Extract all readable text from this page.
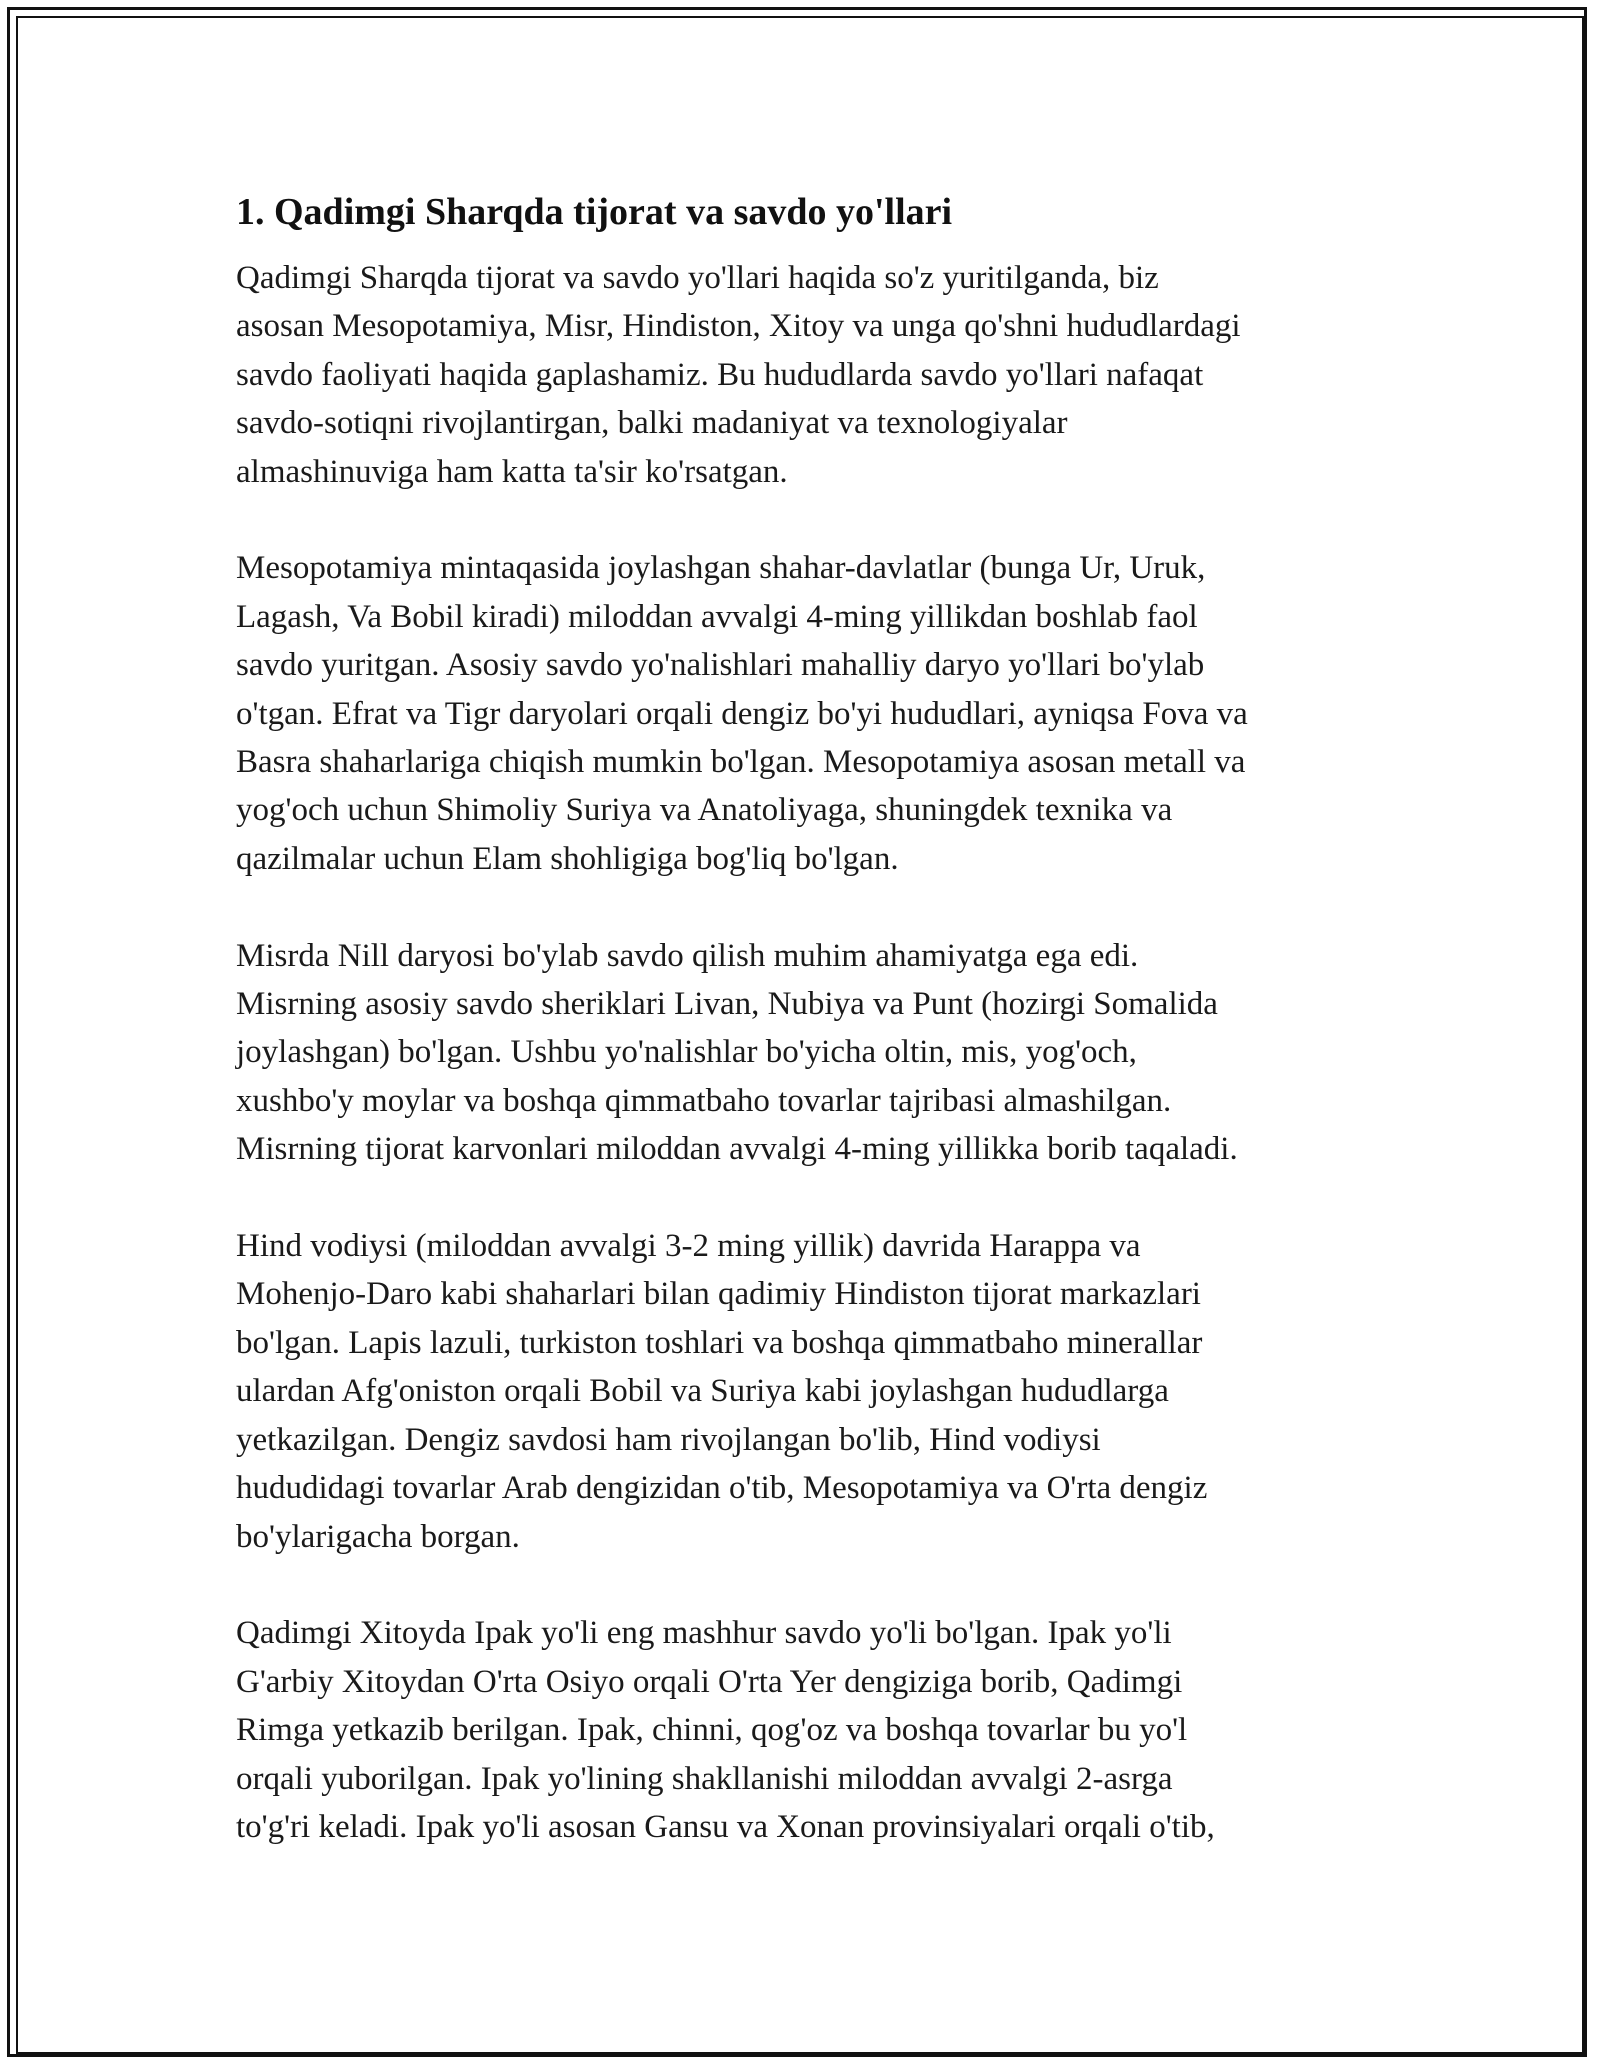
1. Qadimgi Sharqda tijorat va savdo yo'llari

Qadimgi Sharqda tijorat va savdo yo'llari haqida so'z yuritilganda, biz
asosan Mesopotamiya, Misr, Hindiston, Xitoy va unga qo'shni hududlardagi
savdo faoliyati haqida gaplashamiz. Bu hududlarda savdo yo'llari nafaqat
savdo-sotiqni rivojlantirgan, balki madaniyat va texnologiyalar
almashinuviga ham katta ta'sir ko'rsatgan.

Mesopotamiya mintaqasida joylashgan shahar-davlatlar (bunga Ur, Uruk,
Lagash, Va Bobil kiradi) miloddan avvalgi 4-ming yillikdan boshlab faol
savdo yuritgan. Asosiy savdo yo'nalishlari mahalliy daryo yo'llari bo'ylab
o'tgan. Efrat va Tigr daryolari orqali dengiz bo'yi hududlari, ayniqsa Fova va
Basra shaharlariga chiqish mumkin bo'lgan. Mesopotamiya asosan metall va
yog'och uchun Shimoliy Suriya va Anatoliyaga, shuningdek texnika va
qazilmalar uchun Elam shohligiga bog'liq bo'lgan.

Misrda Nill daryosi bo'ylab savdo qilish muhim ahamiyatga ega edi.
Misrning asosiy savdo sheriklari Livan, Nubiya va Punt (hozirgi Somalida
joylashgan) bo'lgan. Ushbu yo'nalishlar bo'yicha oltin, mis, yog'och,
xushbo'y moylar va boshqa qimmatbaho tovarlar tajribasi almashilgan.
Misrning tijorat karvonlari miloddan avvalgi 4-ming yillikka borib taqaladi.

Hind vodiysi (miloddan avvalgi 3-2 ming yillik) davrida Harappa va
Mohenjo-Daro kabi shaharlari bilan qadimiy Hindiston tijorat markazlari
bo'lgan. Lapis lazuli, turkiston toshlari va boshqa qimmatbaho minerallar
ulardan Afg'oniston orqali Bobil va Suriya kabi joylashgan hududlarga
yetkazilgan. Dengiz savdosi ham rivojlangan bo'lib, Hind vodiysi
hududidagi tovarlar Arab dengizidan o'tib, Mesopotamiya va O'rta dengiz
bo'ylarigacha borgan.

Qadimgi Xitoyda Ipak yo'li eng mashhur savdo yo'li bo'lgan. Ipak yo'li
G'arbiy Xitoydan O'rta Osiyo orqali O'rta Yer dengiziga borib, Qadimgi
Rimga yetkazib berilgan. Ipak, chinni, qog'oz va boshqa tovarlar bu yo'l
orqali yuborilgan. Ipak yo'lining shakllanishi miloddan avvalgi 2-asrga
to'g'ri keladi. Ipak yo'li asosan Gansu va Xonan provinsiyalari orqali o'tib,
